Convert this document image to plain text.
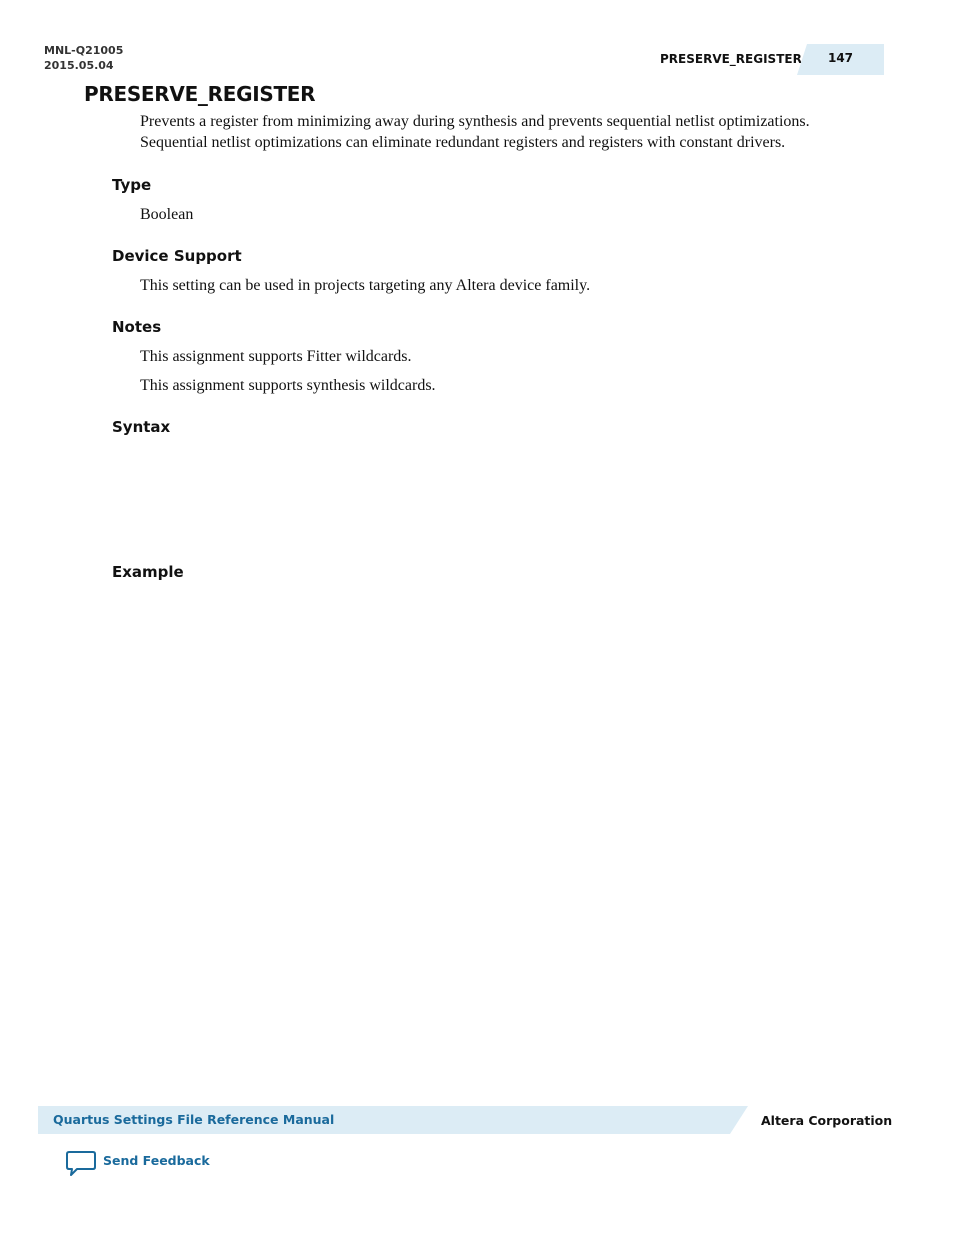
MNL-Q21005
2015.05.04	PRESERVE_REGISTER	147
PRESERVE_REGISTER
Prevents a register from minimizing away during synthesis and prevents sequential netlist optimizations.
Sequential netlist optimizations can eliminate redundant registers and registers with constant drivers.
Type
Boolean
Device Support
This setting can be used in projects targeting any Altera device family.
Notes
This assignment supports Fitter wildcards.
This assignment supports synthesis wildcards.
Syntax
Example
Quartus Settings File Reference Manual	Altera Corporation
Send Feedback
